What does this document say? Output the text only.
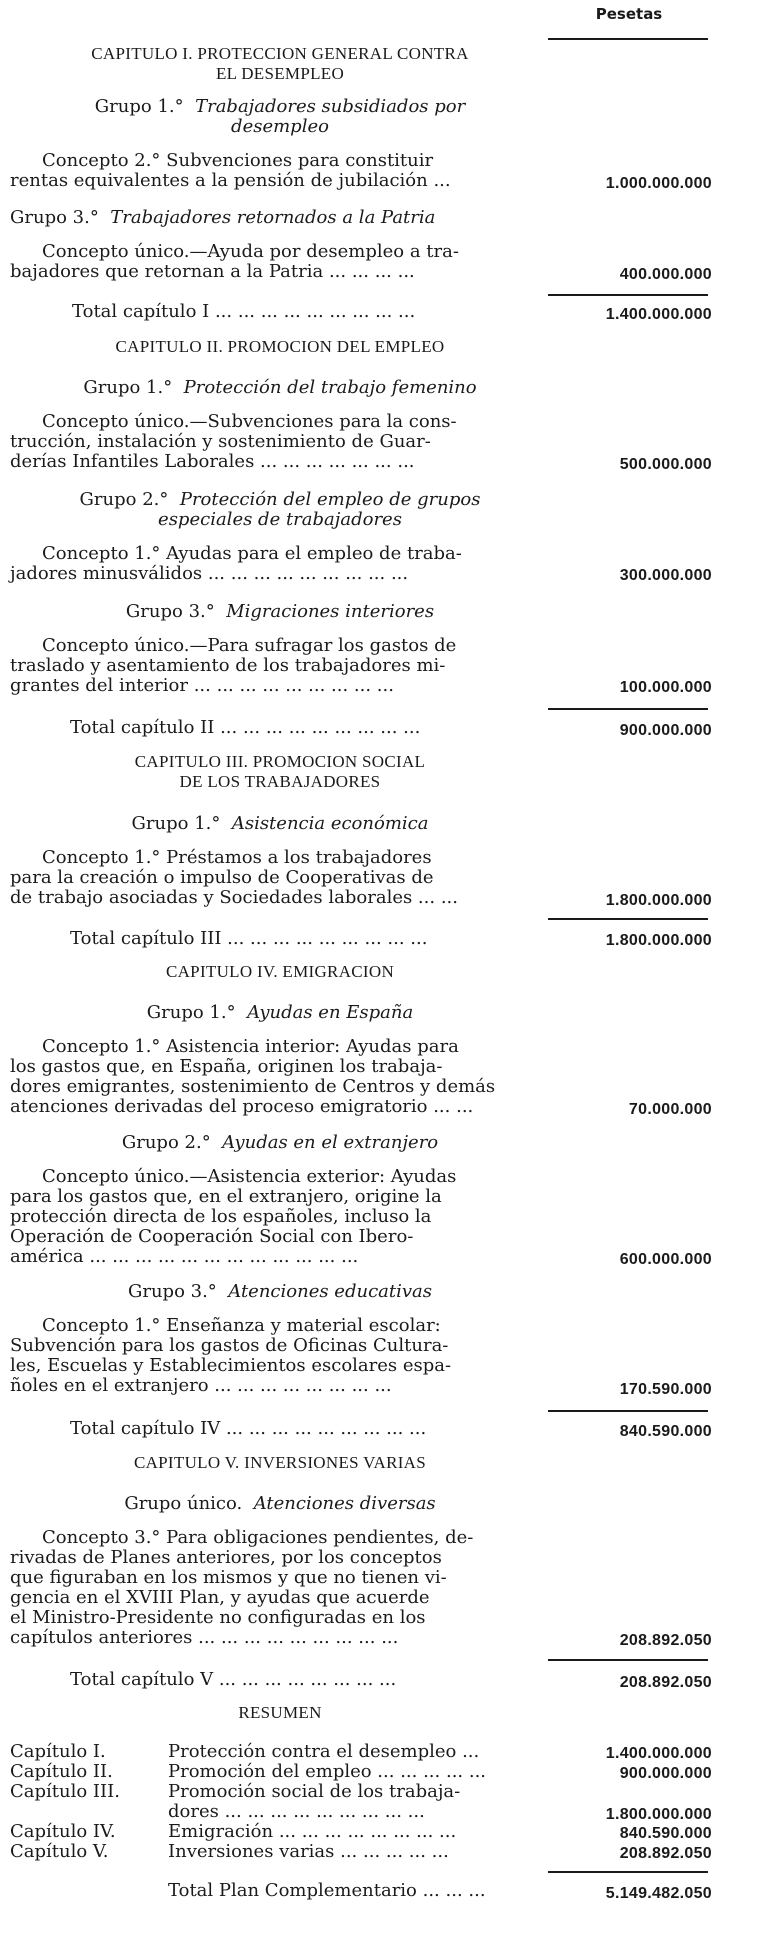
Pesetas
CAPITULO I. PROTECCION GENERAL CONTRA
EL DESEMPLEO
Grupo 1.° Trabajadores subsidiados por
desempleo
Concepto 2.° Subvenciones para constituir
rentas equivalentes a la pensión de jubilación ...	1.000.000.000
Grupo 3.° Trabajadores retornados a la Patria
Concepto único.—Ayuda por desempleo a tra-
bajadores que retornan a la Patria ... ... ... ...	400.000.000
Total capítulo I ... ... ... ... ... ... ... ... ...	1.400.000.000
CAPITULO II. PROMOCION DEL EMPLEO
Grupo 1.° Protección del trabajo femenino
Concepto único.—Subvenciones para la cons-
trucción, instalación y sostenimiento de Guar-
derías Infantiles Laborales ... ... ... ... ... ... ...	500.000.000
Grupo 2.° Protección del empleo de grupos
especiales de trabajadores
Concepto 1.° Ayudas para el empleo de traba-
jadores minusválidos ... ... ... ... ... ... ... ... ...	300.000.000
Grupo 3.° Migraciones interiores
Concepto único.—Para sufragar los gastos de
traslado y asentamiento de los trabajadores mi-
grantes del interior ... ... ... ... ... ... ... ... ...	100.000.000
Total capítulo II ... ... ... ... ... ... ... ... ...	900.000.000
CAPITULO III. PROMOCION SOCIAL
DE LOS TRABAJADORES
Grupo 1.° Asistencia económica
Concepto 1.° Préstamos a los trabajadores
para la creación o impulso de Cooperativas de
de trabajo asociadas y Sociedades laborales ... ...	1.800.000.000
Total capítulo III ... ... ... ... ... ... ... ... ...	1.800.000.000
CAPITULO IV. EMIGRACION
Grupo 1.° Ayudas en España
Concepto 1.° Asistencia interior: Ayudas para
los gastos que, en España, originen los trabaja-
dores emigrantes, sostenimiento de Centros y demás
atenciones derivadas del proceso emigratorio ... ...	70.000.000
Grupo 2.° Ayudas en el extranjero
Concepto único.—Asistencia exterior: Ayudas
para los gastos que, en el extranjero, origine la
protección directa de los españoles, incluso la
Operación de Cooperación Social con Ibero-
américa ... ... ... ... ... ... ... ... ... ... ... ...	600.000.000
Grupo 3.° Atenciones educativas
Concepto 1.° Enseñanza y material escolar:
Subvención para los gastos de Oficinas Cultura-
les, Escuelas y Establecimientos escolares espa-
ñoles en el extranjero ... ... ... ... ... ... ... ...	170.590.000
Total capítulo IV ... ... ... ... ... ... ... ... ...	840.590.000
CAPITULO V. INVERSIONES VARIAS
Grupo único. Atenciones diversas
Concepto 3.° Para obligaciones pendientes, de-
rivadas de Planes anteriores, por los conceptos
que figuraban en los mismos y que no tienen vi-
gencia en el XVIII Plan, y ayudas que acuerde
el Ministro-Presidente no configuradas en los
capítulos anteriores ... ... ... ... ... ... ... ... ...	208.892.050
Total capítulo V ... ... ... ... ... ... ... ...	208.892.050
RESUMEN
Capítulo I.	Protección contra el desempleo ...	1.400.000.000
Capítulo II.	Promoción del empleo ... ... ... ... ...	900.000.000
Capítulo III.	Promoción social de los trabaja-
dores ... ... ... ... ... ... ... ... ...	1.800.000.000
Capítulo IV.	Emigración ... ... ... ... ... ... ... ...	840.590.000
Capítulo V.	Inversiones varias ... ... ... ... ...	208.892.050
Total Plan Complementario ... ... ...	5.149.482.050
